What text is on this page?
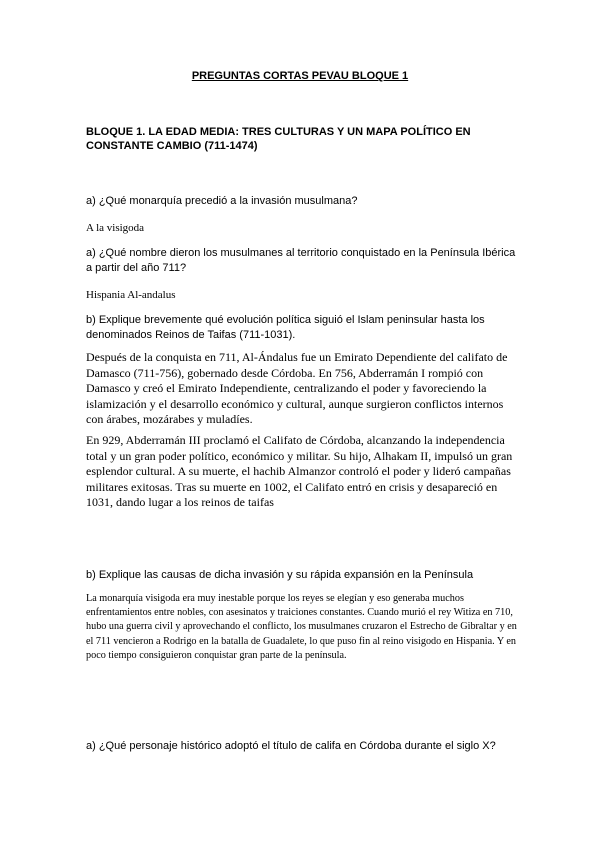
PREGUNTAS CORTAS PEVAU BLOQUE 1
BLOQUE 1. LA EDAD MEDIA: TRES CULTURAS Y UN MAPA POLÍTICO EN CONSTANTE CAMBIO (711-1474)
a) ¿Qué monarquía precedió a la invasión musulmana?
A la visigoda
a) ¿Qué nombre dieron los musulmanes al territorio conquistado en la Península Ibérica a partir del año 711?
Hispania Al-andalus
b) Explique brevemente qué evolución política siguió el Islam peninsular hasta los denominados Reinos de Taifas (711-1031).
Después de la conquista en 711, Al-Ándalus fue un Emirato Dependiente del califato de Damasco (711-756), gobernado desde Córdoba. En 756, Abderramán I rompió con Damasco y creó el Emirato Independiente, centralizando el poder y favoreciendo la islamización y el desarrollo económico y cultural, aunque surgieron conflictos internos con árabes, mozárabes y muladíes.
En 929, Abderramán III proclamó el Califato de Córdoba, alcanzando la independencia total y un gran poder político, económico y militar. Su hijo, Alhakam II, impulsó un gran esplendor cultural. A su muerte, el hachib Almanzor controló el poder y lideró campañas militares exitosas. Tras su muerte en 1002, el Califato entró en crisis y desapareció en 1031, dando lugar a los reinos de taifas
b) Explique las causas de dicha invasión y su rápida expansión en la Península
La monarquía visigoda era muy inestable porque los reyes se elegían y eso generaba muchos enfrentamientos entre nobles, con asesinatos y traiciones constantes. Cuando murió el rey Witiza en 710, hubo una guerra civil y aprovechando el conflicto, los musulmanes cruzaron el Estrecho de Gibraltar y en el 711 vencieron a Rodrigo en la batalla de Guadalete, lo que puso fin al reino visigodo en Hispania. Y en poco tiempo consiguieron conquistar gran parte de la península.
a) ¿Qué personaje histórico adoptó el título de califa en Córdoba durante el siglo X?
